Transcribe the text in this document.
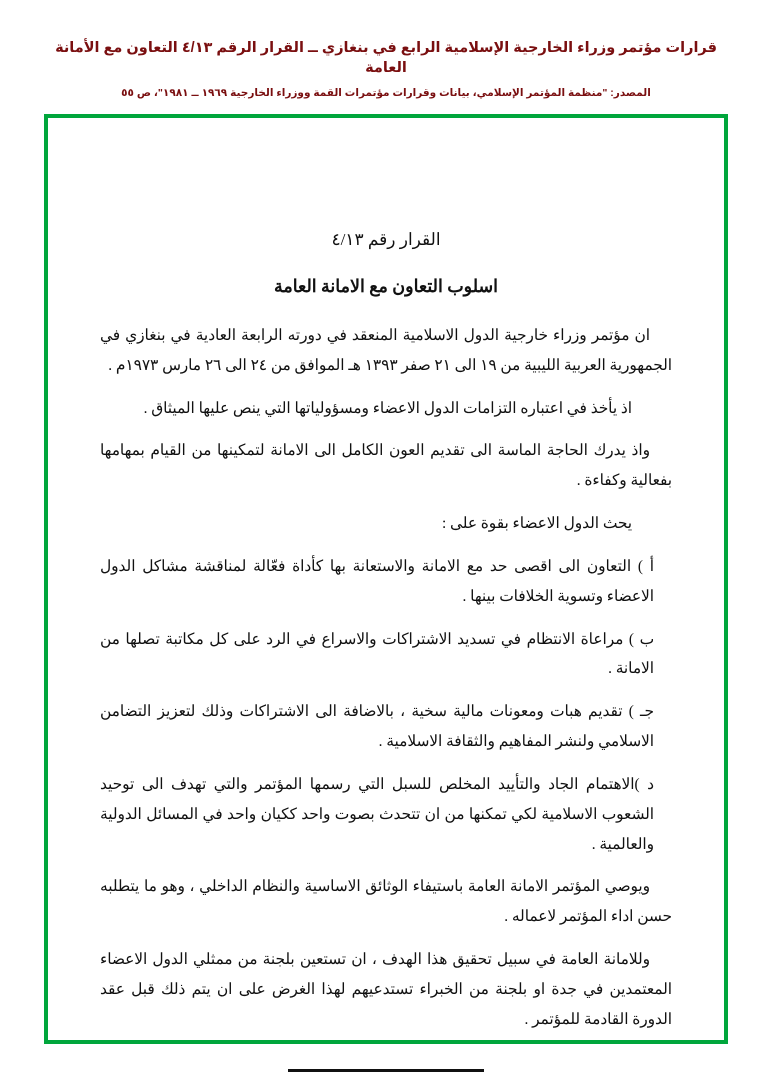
قرارات مؤتمر وزراء الخارجية الإسلامية الرابع في بنغازي ــ القرار الرقم ٤/١٣ التعاون مع الأمانة العامة
المصدر: "منظمة المؤتمر الإسلامي، بيانات وقرارات مؤتمرات القمة ووزراء الخارجية ١٩٦٩ ــ ١٩٨١"، ص ٥٥
القرار رقم ٤/١٣
اسلوب التعاون مع الامانة العامة

ان مؤتمر وزراء خارجية الدول الاسلامية المنعقد في دورته الرابعة العادية في بنغازي في الجمهورية العربية الليبية من ١٩ الى ٢١ صفر ١٣٩٣ هـ الموافق من ٢٤ الى ٢٦ مارس ١٩٧٣م .

اذ يأخذ في اعتباره التزامات الدول الاعضاء ومسؤولياتها التي ينص عليها الميثاق .

واذ يدرك الحاجة الماسة الى تقديم العون الكامل الى الامانة لتمكينها من القيام بمهامها بفعالية وكفاءة .

يحث الدول الاعضاء بقوة على :

أ ) التعاون الى اقصى حد مع الامانة والاستعانة بها كأداة فعّالة لمناقشة مشاكل الدول الاعضاء وتسوية الخلافات بينها .

ب ) مراعاة الانتظام في تسديد الاشتراكات والاسراع في الرد على كل مكاتبة تصلها من الامانة .

جـ ) تقديم هبات ومعونات مالية سخية ، بالاضافة الى الاشتراكات وذلك لتعزيز التضامن الاسلامي ولنشر المفاهيم والثقافة الاسلامية .

د )الاهتمام الجاد والتأييد المخلص للسبل التي رسمها المؤتمر والتي تهدف الى توحيد الشعوب الاسلامية لكي تمكنها من ان تتحدث بصوت واحد ككيان واحد في المسائل الدولية والعالمية .

ويوصي المؤتمر الامانة العامة باستيفاء الوثائق الاساسية والنظام الداخلي ، وهو ما يتطلبه حسن اداء المؤتمر لاعماله .

وللامانة العامة في سبيل تحقيق هذا الهدف ، ان تستعين بلجنة من ممثلي الدول الاعضاء المعتمدين في جدة او بلجنة من الخبراء تستدعيهم لهذا الغرض على ان يتم ذلك قبل عقد الدورة القادمة للمؤتمر .
